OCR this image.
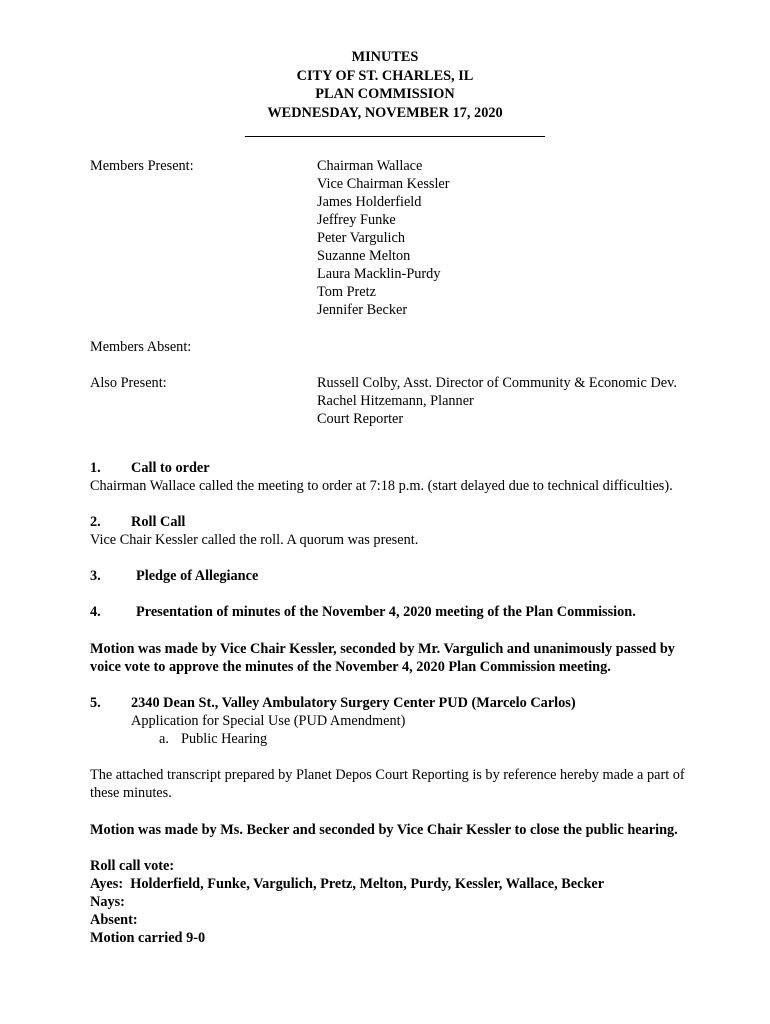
MINUTES
CITY OF ST. CHARLES, IL
PLAN COMMISSION
WEDNESDAY, NOVEMBER 17, 2020
Members Present:	Chairman Wallace
Vice Chairman Kessler
James Holderfield
Jeffrey Funke
Peter Vargulich
Suzanne Melton
Laura Macklin-Purdy
Tom Pretz
Jennifer Becker
Members Absent:
Also Present:	Russell Colby, Asst. Director of Community & Economic Dev.
Rachel Hitzemann, Planner
Court Reporter
1. Call to order
Chairman Wallace called the meeting to order at 7:18 p.m. (start delayed due to technical difficulties).
2. Roll Call
Vice Chair Kessler called the roll. A quorum was present.
3. Pledge of Allegiance
4. Presentation of minutes of the November 4, 2020 meeting of the Plan Commission.
Motion was made by Vice Chair Kessler, seconded by Mr. Vargulich and unanimously passed by
voice vote to approve the minutes of the November 4, 2020 Plan Commission meeting.
5. 2340 Dean St., Valley Ambulatory Surgery Center PUD (Marcelo Carlos)
Application for Special Use (PUD Amendment)
a. Public Hearing
The attached transcript prepared by Planet Depos Court Reporting is by reference hereby made a part of
these minutes.
Motion was made by Ms. Becker and seconded by Vice Chair Kessler to close the public hearing.
Roll call vote:
Ayes: Holderfield, Funke, Vargulich, Pretz, Melton, Purdy, Kessler, Wallace, Becker
Nays:
Absent:
Motion carried 9-0
